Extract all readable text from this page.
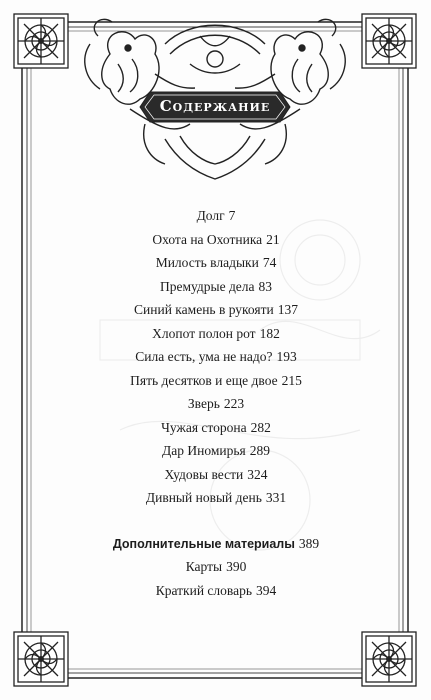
Содержание
Долг 7
Охота на Охотника 21
Милость владыки 74
Премудрые дела 83
Синий камень в рукояти 137
Хлопот полон рот 182
Сила есть, ума не надо? 193
Пять десятков и еще двое 215
Зверь 223
Чужая сторона 282
Дар Иномирья 289
Худовы вести 324
Дивный новый день 331
Дополнительные материалы 389
Карты 390
Краткий словарь 394
